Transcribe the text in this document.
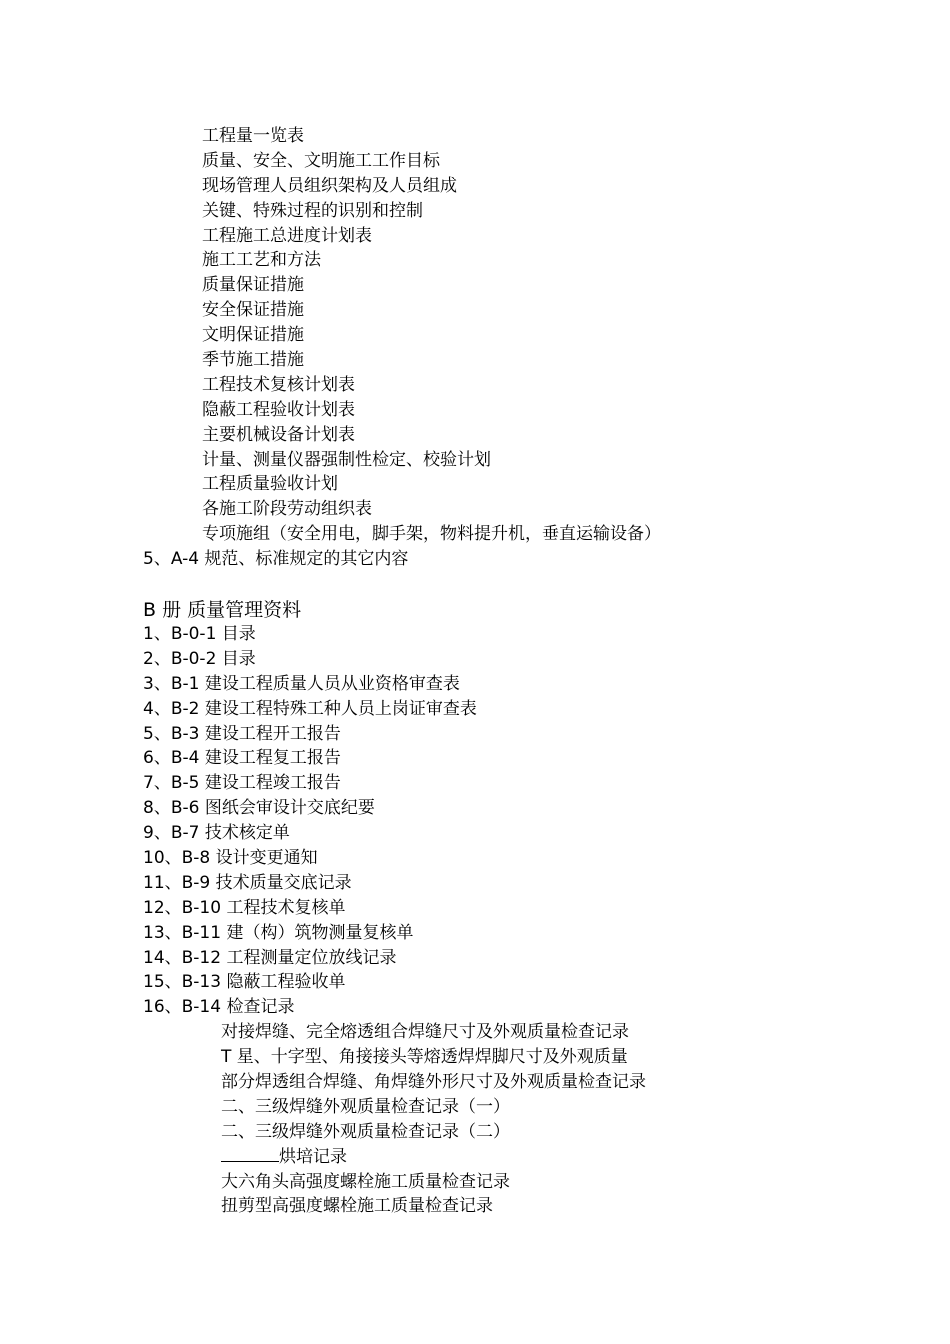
工程量一览表
质量、安全、文明施工工作目标
现场管理人员组织架构及人员组成
关键、特殊过程的识别和控制
工程施工总进度计划表
施工工艺和方法
质量保证措施
安全保证措施
文明保证措施
季节施工措施
工程技术复核计划表
隐蔽工程验收计划表
主要机械设备计划表
计量、测量仪器强制性检定、校验计划
工程质量验收计划
各施工阶段劳动组织表
专项施组（安全用电，脚手架，物料提升机，垂直运输设备）
5、A-4 规范、标准规定的其它内容
B 册 质量管理资料
1、B-0-1 目录
2、B-0-2 目录
3、B-1 建设工程质量人员从业资格审查表
4、B-2 建设工程特殊工种人员上岗证审查表
5、B-3 建设工程开工报告
6、B-4 建设工程复工报告
7、B-5 建设工程竣工报告
8、B-6 图纸会审设计交底纪要
9、B-7 技术核定单
10、B-8 设计变更通知
11、B-9 技术质量交底记录
12、B-10 工程技术复核单
13、B-11 建（构）筑物测量复核单
14、B-12 工程测量定位放线记录
15、B-13 隐蔽工程验收单
16、B-14 检查记录
对接焊缝、完全熔透组合焊缝尺寸及外观质量检查记录
T 星、十字型、角接接头等熔透焊焊脚尺寸及外观质量
部分焊透组合焊缝、角焊缝外形尺寸及外观质量检查记录
二、三级焊缝外观质量检查记录（一）
二、三级焊缝外观质量检查记录（二）
烘培记录
大六角头高强度螺栓施工质量检查记录
扭剪型高强度螺栓施工质量检查记录
